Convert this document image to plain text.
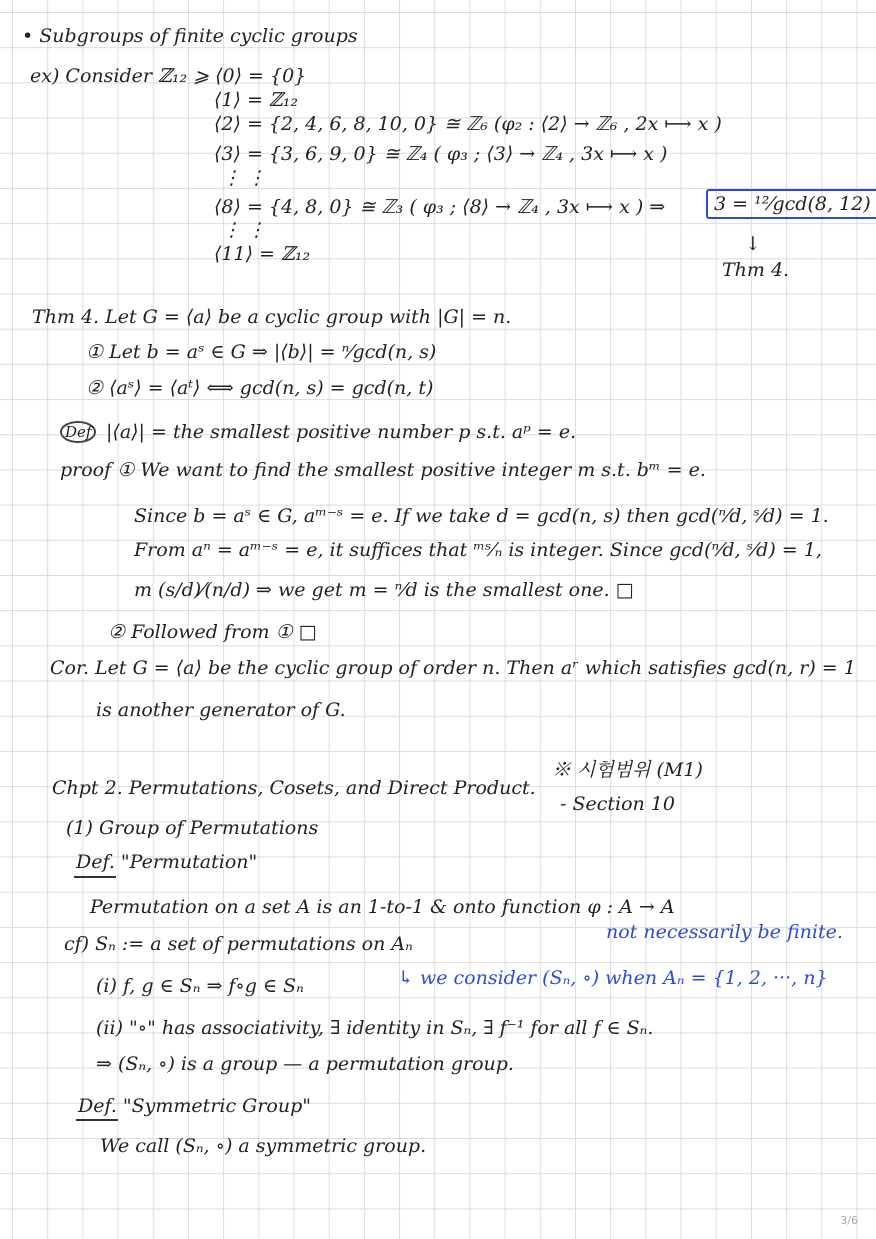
• Subgroups of finite cyclic groups
ex) Consider ℤ₁₂ ⩾ ⟨0⟩ = {0}
⟨1⟩ = ℤ₁₂
⟨2⟩ = {2, 4, 6, 8, 10, 0} ≅ ℤ₆ (φ₂ : ⟨2⟩ → ℤ₆ , 2x ⟼ x )
⟨3⟩ = {3, 6, 9, 0} ≅ ℤ₄ ( φ₃ ; ⟨3⟩ → ℤ₄ , 3x ⟼ x )
⋮ ⋮
⟨8⟩ = {4, 8, 0} ≅ ℤ₃ ( φ₃ ; ⟨8⟩ → ℤ₄ , 3x ⟼ x ) ⇒	3 = ¹²⁄gcd(8, 12)
⋮ ⋮
↓
⟨11⟩ = ℤ₁₂
Thm 4.
Thm 4. Let G = ⟨a⟩ be a cyclic group with |G| = n.
① Let b = aˢ ∈ G ⇒ |⟨b⟩| = ⁿ⁄gcd(n, s)
② ⟨aˢ⟩ = ⟨aᵗ⟩ ⟺ gcd(n, s) = gcd(n, t)
Def |⟨a⟩| = the smallest positive number p s.t. aᵖ = e.
proof ① We want to find the smallest positive integer m s.t. bᵐ = e.
Since b = aˢ ∈ G, aᵐ⁻ˢ = e. If we take d = gcd(n, s) then gcd(ⁿ⁄d, ˢ⁄d) = 1.
From aⁿ = aᵐ⁻ˢ = e, it suffices that ᵐˢ⁄ₙ is integer. Since gcd(ⁿ⁄d, ˢ⁄d) = 1,
m (s/d)⁄(n/d) ⇒ we get m = ⁿ⁄d is the smallest one. □
② Followed from ① □
Cor. Let G = ⟨a⟩ be the cyclic group of order n. Then aʳ which satisfies gcd(n, r) = 1
is another generator of G.
※ 시험범위 (M1)
Chpt 2. Permutations, Cosets, and Direct Product.
- Section 10
(1) Group of Permutations
Def. "Permutation"
Permutation on a set A is an 1-to-1 & onto function φ : A → A
not necessarily be finite.
cf) Sₙ := a set of permutations on Aₙ
(i) f, g ∈ Sₙ ⇒ f∘g ∈ Sₙ	↳ we consider (Sₙ, ∘) when Aₙ = {1, 2, ···, n}
(ii) "∘" has associativity, ∃ identity in Sₙ, ∃ f⁻¹ for all f ∈ Sₙ.
⇒ (Sₙ, ∘) is a group — a permutation group.
Def. "Symmetric Group"
We call (Sₙ, ∘) a symmetric group.
3/6
